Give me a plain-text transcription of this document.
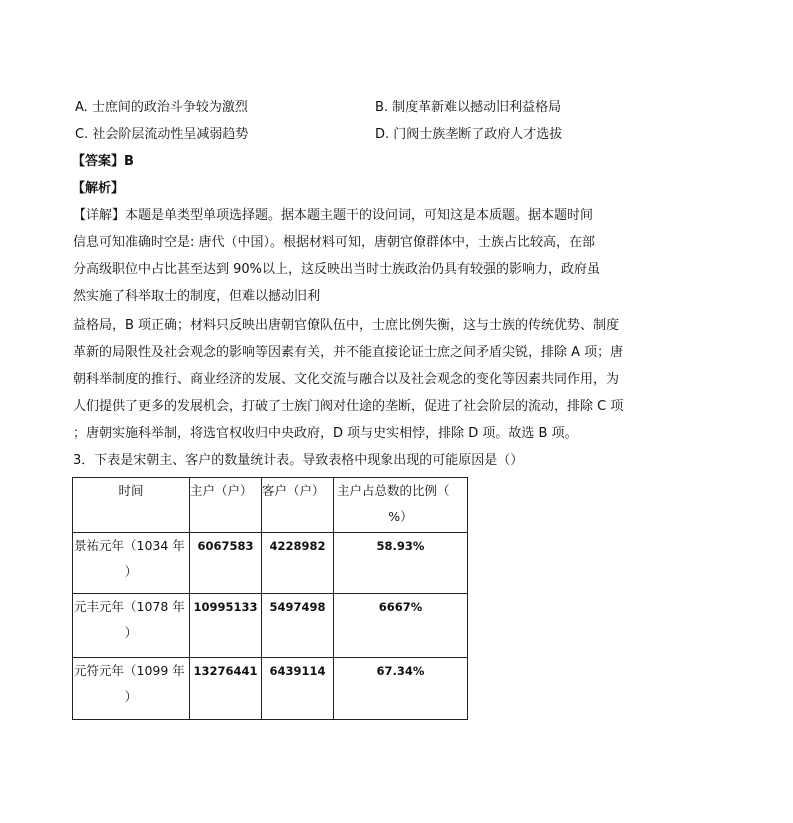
A. 士庶间的政治斗争较为激烈	B. 制度革新难以撼动旧利益格局
C. 社会阶层流动性呈减弱趋势	D. 门阀士族垄断了政府人才选拔
【答案】B
【解析】
【详解】本题是单类型单项选择题。据本题主题干的设问词，可知这是本质题。据本题时间
信息可知准确时空是: 唐代（中国）。根据材料可知，唐朝官僚群体中，士族占比较高，在部
分高级职位中占比甚至达到 90%以上，这反映出当时士族政治仍具有较强的影响力，政府虽
然实施了科举取士的制度，但难以撼动旧利
益格局，B 项正确；材料只反映出唐朝官僚队伍中，士庶比例失衡，这与士族的传统优势、制度
革新的局限性及社会观念的影响等因素有关，并不能直接论证士庶之间矛盾尖锐，排除 A 项；唐
朝科举制度的推行、商业经济的发展、文化交流与融合以及社会观念的变化等因素共同作用，为
人们提供了更多的发展机会，打破了士族门阀对仕途的垄断，促进了社会阶层的流动，排除 C 项
；唐朝实施科举制，将选官权收归中央政府，D 项与史实相悖，排除 D 项。故选 B 项。
3．下表是宋朝主、客户的数量统计表。导致表格中现象出现的可能原因是（）
时间	主户（户）	客户（户）	主户占总数的比例（
%）

景祐元年（1034 年
）	6067583	4228982	58.93%

元丰元年（1078 年
）	10995133	5497498	6667%

元符元年（1099 年
）	13276441	6439114	67.34%
